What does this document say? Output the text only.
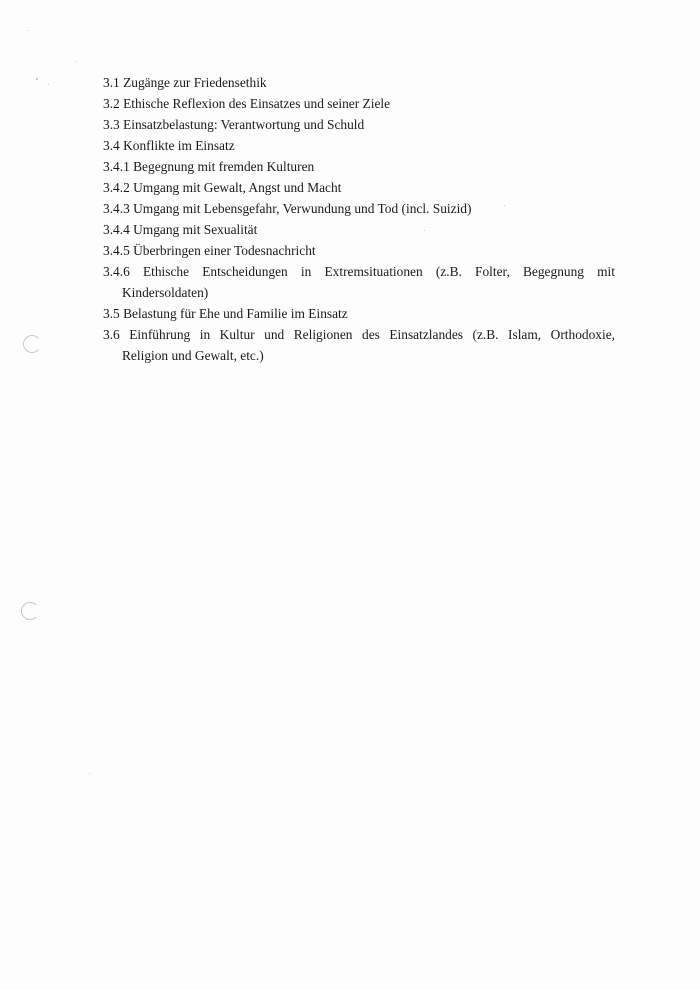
3.1 Zugänge zur Friedensethik
3.2 Ethische Reflexion des Einsatzes und seiner Ziele
3.3 Einsatzbelastung: Verantwortung und Schuld
3.4 Konflikte im Einsatz
3.4.1 Begegnung mit fremden Kulturen
3.4.2 Umgang mit Gewalt, Angst und Macht
3.4.3 Umgang mit Lebensgefahr, Verwundung und Tod (incl. Suizid)
3.4.4 Umgang mit Sexualität
3.4.5 Überbringen einer Todesnachricht
3.4.6 Ethische Entscheidungen in Extremsituationen (z.B. Folter, Begegnung mit
Kindersoldaten)
3.5 Belastung für Ehe und Familie im Einsatz
3.6 Einführung in Kultur und Religionen des Einsatzlandes (z.B. Islam, Orthodoxie,
Religion und Gewalt, etc.)
